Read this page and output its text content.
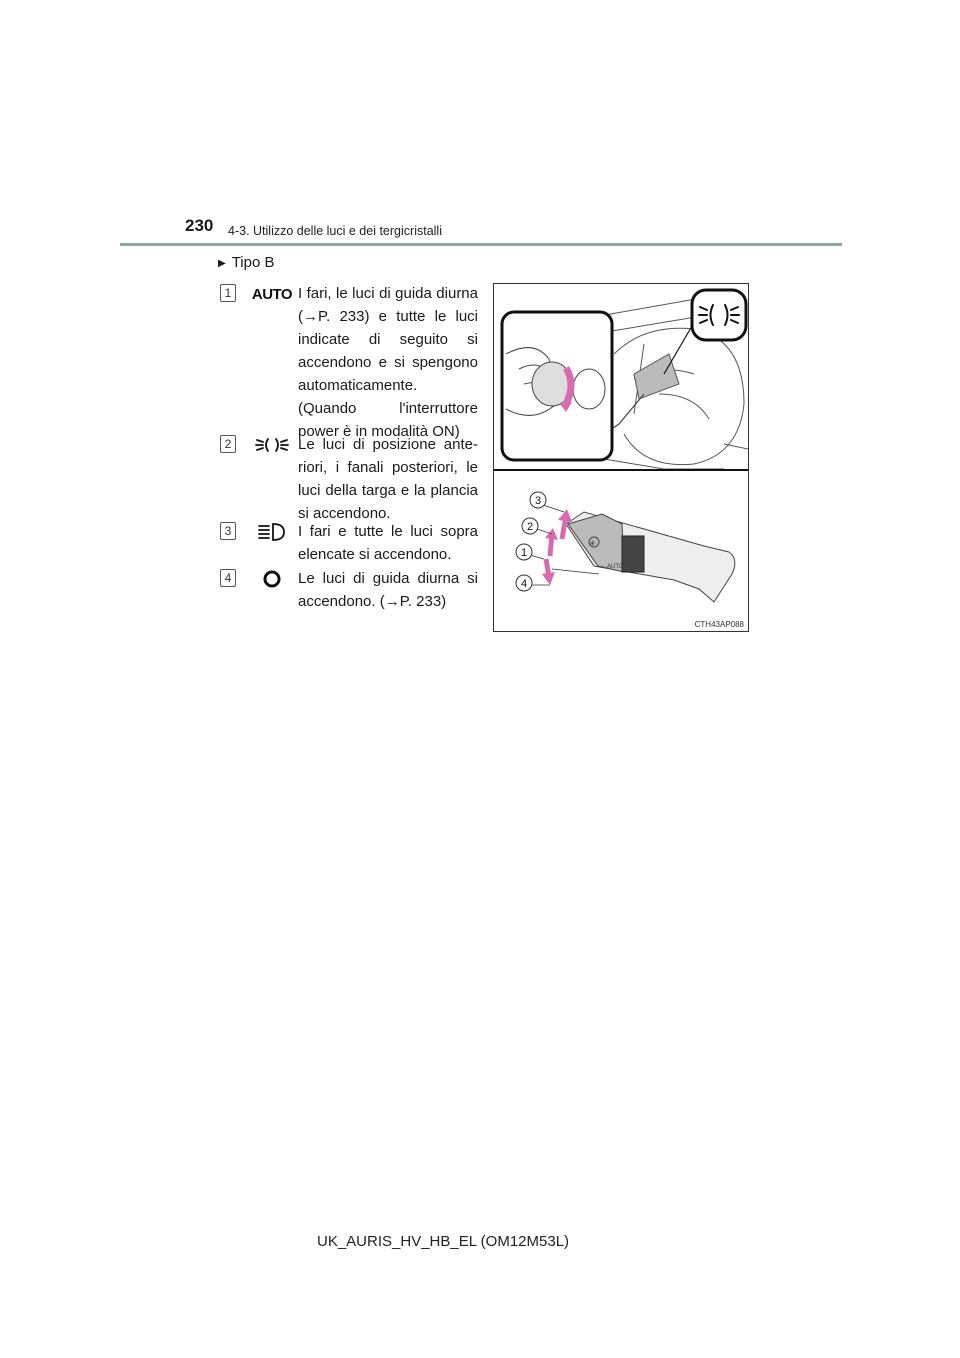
230 4-3. Utilizzo delle luci e dei tergicristalli
▶ Tipo B
1	AUTO I fari, le luci di guida diurna (→P. 233) e tutte le luci indicate di seguito si accendono e si spengono automaticamente.
(Quando l'interruttore power è in modalità ON)
2	Le luci di posizione ante-riori, i fanali posteriori, le luci della targa e la plancia si accendono.
3	I fari e tutte le luci sopra elencate si accendono.
4	Le luci di guida diurna si accendono. (→P. 233)
✳
AUTO
3
2
1
4
CTH43AP088
UK_AURIS_HV_HB_EL (OM12M53L)
